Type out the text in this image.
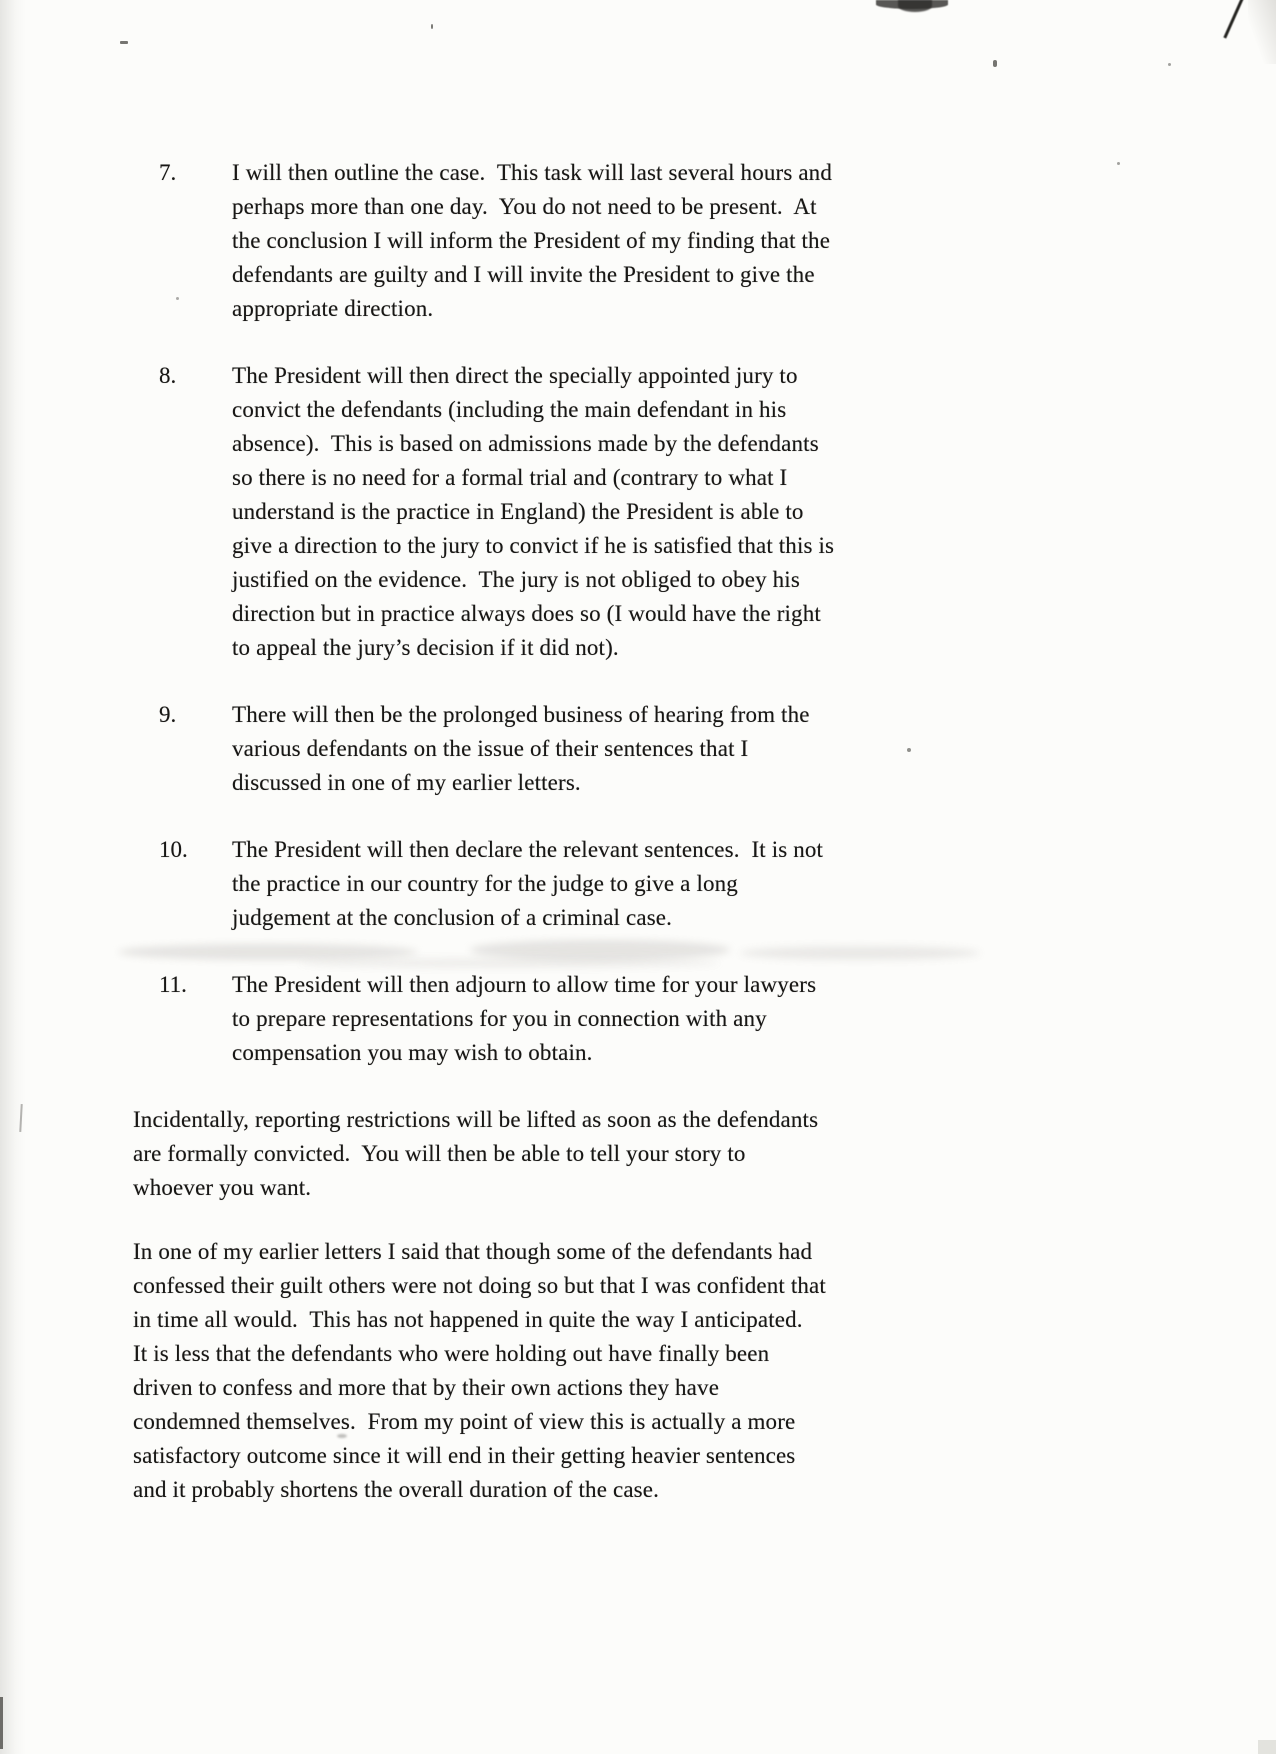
7.	I will then outline the case.  This task will last several hours and
perhaps more than one day.  You do not need to be present.  At
the conclusion I will inform the President of my finding that the
defendants are guilty and I will invite the President to give the
appropriate direction.
8.	The President will then direct the specially appointed jury to
convict the defendants (including the main defendant in his
absence).  This is based on admissions made by the defendants
so there is no need for a formal trial and (contrary to what I
understand is the practice in England) the President is able to
give a direction to the jury to convict if he is satisfied that this is
justified on the evidence.  The jury is not obliged to obey his
direction but in practice always does so (I would have the right
to appeal the jury’s decision if it did not).
9.	There will then be the prolonged business of hearing from the
various defendants on the issue of their sentences that I
discussed in one of my earlier letters.
10.	The President will then declare the relevant sentences.  It is not
the practice in our country for the judge to give a long
judgement at the conclusion of a criminal case.
11.	The President will then adjourn to allow time for your lawyers
to prepare representations for you in connection with any
compensation you may wish to obtain.
Incidentally, reporting restrictions will be lifted as soon as the defendants
are formally convicted.  You will then be able to tell your story to
whoever you want.
In one of my earlier letters I said that though some of the defendants had
confessed their guilt others were not doing so but that I was confident that
in time all would.  This has not happened in quite the way I anticipated.
It is less that the defendants who were holding out have finally been
driven to confess and more that by their own actions they have
condemned themselves.  From my point of view this is actually a more
satisfactory outcome since it will end in their getting heavier sentences
and it probably shortens the overall duration of the case.
